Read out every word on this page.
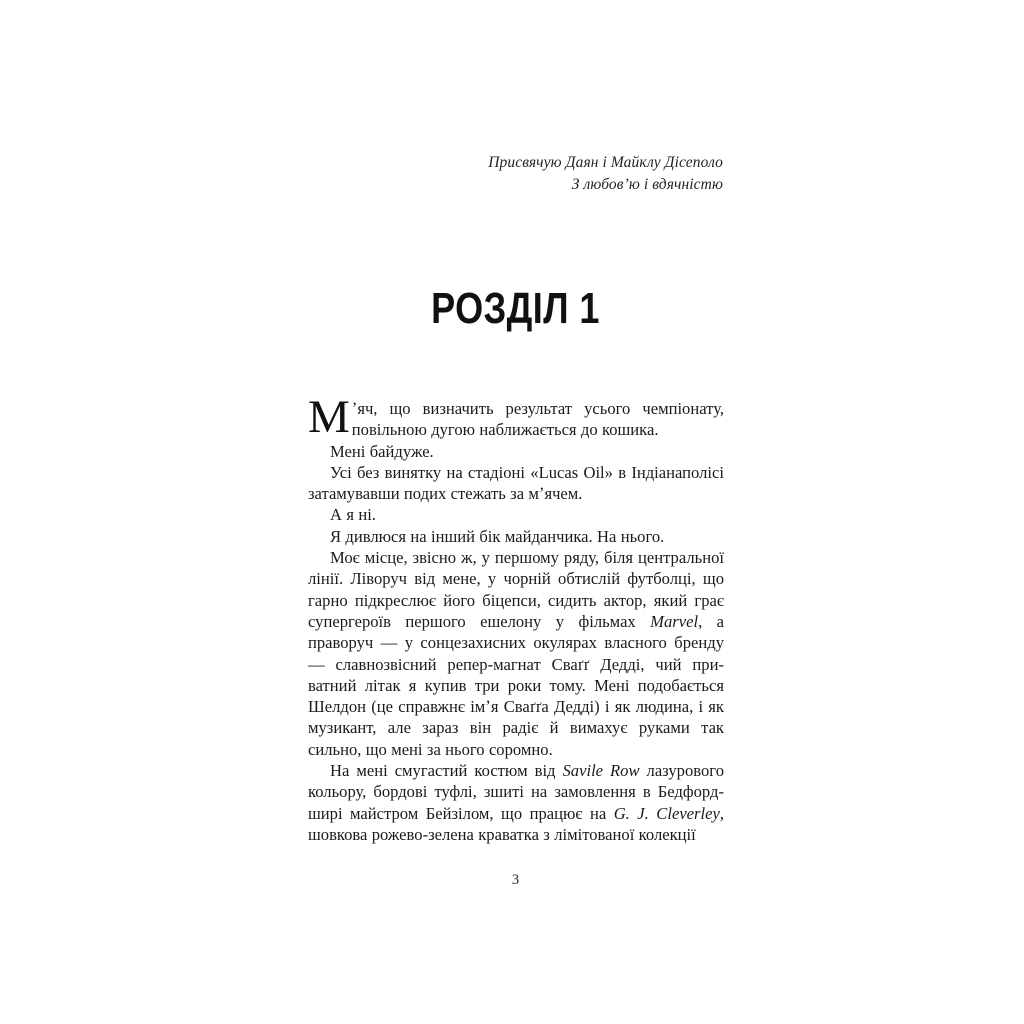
Присвячую Даян і Майклу Дісеполо
З любовʼю і вдячністю
РОЗДІЛ 1

М ʼяч, що визначить результат усього чемпіонату, повільною дугою наближається до кошика.

Мені байдуже.

Усі без винятку на стадіоні «Lucas Oil» в Індіанаполісі затамувавши подих стежать за мʼячем.

А я ні.

Я дивлюся на інший бік майданчика. На нього.

Моє місце, звісно ж, у першому ряду, біля центральної лінії. Ліворуч від мене, у чорній обтислій футболці, що гарно підкреслює його біцепси, сидить актор, який грає супергероїв першого ешелону у фільмах Marvel, а праворуч — у сонцезахисних окулярах власного бренду — славнозвісний репер-магнат Сваґґ Дедді, чий приватний літак я купив три роки тому. Мені подобається Шелдон (це справжнє імʼя Сваґґа Дедді) і як людина, і як музикант, але зараз він радіє й вимахує руками так сильно, що мені за нього соромно.

На мені смугастий костюм від Savile Row лазурового кольору, бордові туфлі, зшиті на замовлення в Бедфордширі майстром Бейзілом, що працює на G. J. Cleverley, шовкова рожево-зелена краватка з лімітованої колекції

3
